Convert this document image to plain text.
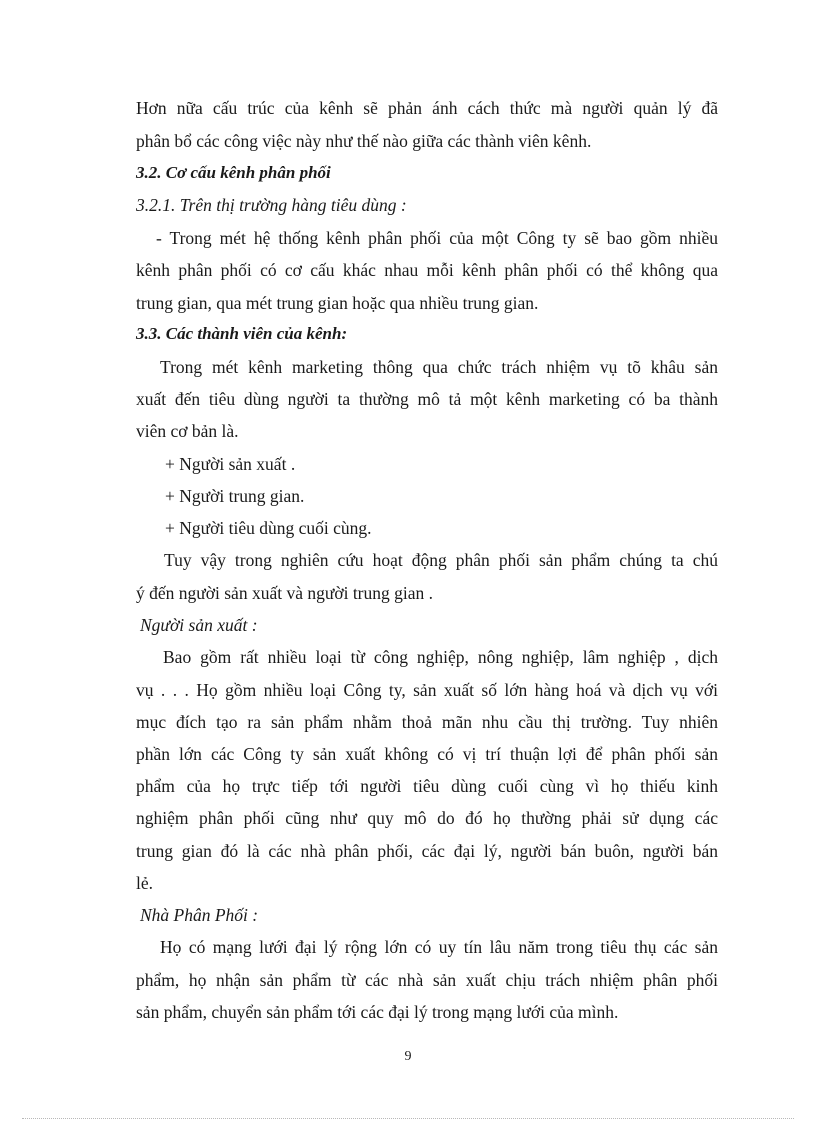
Hơn nữa cấu trúc của kênh sẽ phản ánh cách thức mà người quản lý đã
phân bổ các công việc này như thế nào giữa các thành viên kênh.
3.2. Cơ cấu kênh phân phối
3.2.1. Trên thị trường hàng tiêu dùng :
- Trong mét hệ thống kênh phân phối của một Công ty sẽ bao gồm nhiều
kênh phân phối có cơ cấu khác nhau mỗi kênh phân phối có thể không qua
trung gian, qua mét trung gian hoặc qua nhiều trung gian.
3.3. Các thành viên của kênh:
Trong mét kênh marketing thông qua chức trách nhiệm vụ tõ khâu sản
xuất đến tiêu dùng người ta thường mô tả một kênh marketing có ba thành
viên cơ bản là.
+ Người sản xuất .
+ Người trung gian.
+ Người tiêu dùng cuối cùng.
Tuy vậy trong nghiên cứu hoạt động phân phối sản phẩm chúng ta chú
ý đến người sản xuất và người trung gian .
Người sản xuất :
Bao gồm rất nhiều loại từ công nghiệp, nông nghiệp, lâm nghiệp , dịch
vụ . . . Họ gồm nhiều loại Công ty, sản xuất số lớn hàng hoá và dịch vụ với
mục đích tạo ra sản phẩm nhằm thoả mãn nhu cầu thị trường. Tuy nhiên
phần lớn các Công ty sản xuất không có vị trí thuận lợi để phân phối sản
phẩm của họ trực tiếp tới người tiêu dùng cuối cùng vì họ thiếu kinh
nghiệm phân phối cũng như quy mô do đó họ thường phải sử dụng các
trung gian đó là các nhà phân phối, các đại lý, người bán buôn, người bán
lẻ.
Nhà Phân Phối :
Họ có mạng lưới đại lý rộng lớn có uy tín lâu năm trong tiêu thụ các sản
phẩm, họ nhận sản phẩm từ các nhà sản xuất chịu trách nhiệm phân phối
sản phẩm, chuyển sản phẩm tới các đại lý trong mạng lưới của mình.
9
